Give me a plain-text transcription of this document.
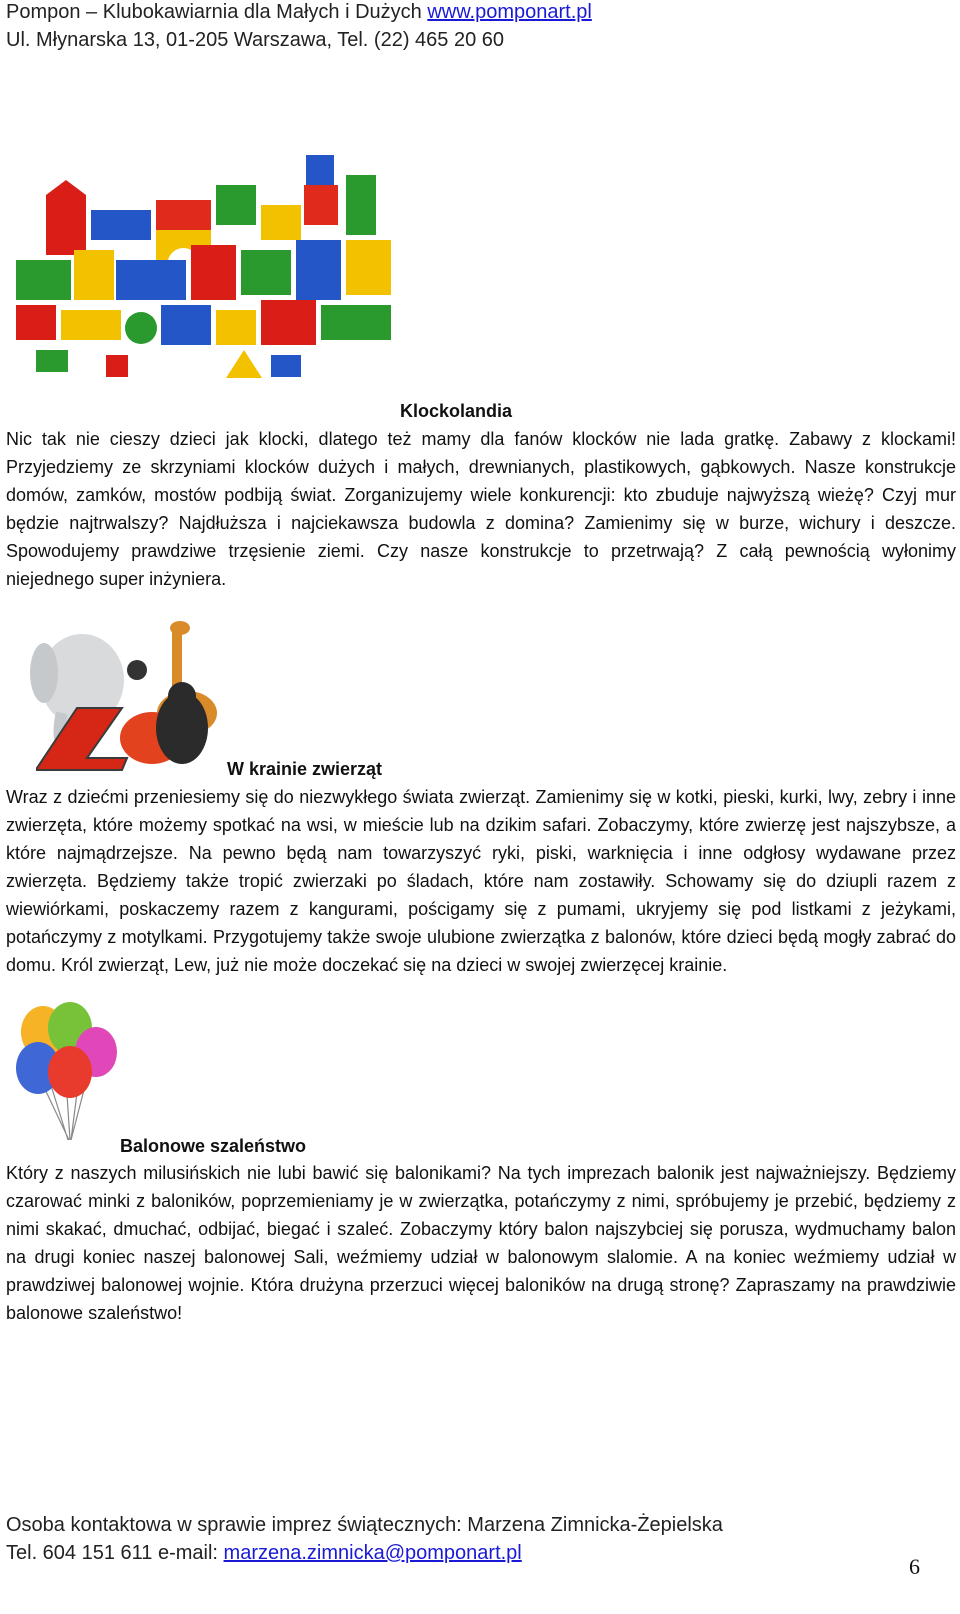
Pompon – Klubokawiarnia dla Małych i Dużych www.pomponart.pl
Ul. Młynarska 13, 01-205 Warszawa, Tel. (22) 465 20 60
Klockolandia
Nic tak nie cieszy dzieci jak klocki, dlatego też mamy dla fanów klocków nie lada gratkę. Zabawy z klockami! Przyjedziemy ze skrzyniami klocków dużych i małych, drewnianych, plastikowych, gąbkowych. Nasze konstrukcje domów, zamków, mostów podbiją świat. Zorganizujemy wiele konkurencji: kto zbuduje najwyższą wieżę? Czyj mur będzie najtrwalszy? Najdłuższa i najciekawsza budowla z domina? Zamienimy się w burze, wichury i deszcze. Spowodujemy prawdziwe trzęsienie ziemi. Czy nasze konstrukcje to przetrwają? Z całą pewnością wyłonimy niejednego super inżyniera.
W krainie zwierząt
Wraz z dziećmi przeniesiemy się do niezwykłego świata zwierząt. Zamienimy się w kotki, pieski, kurki, lwy, zebry i inne zwierzęta, które możemy spotkać na wsi, w mieście lub na dzikim safari. Zobaczymy, które zwierzę jest najszybsze, a które najmądrzejsze. Na pewno będą nam towarzyszyć ryki, piski, warknięcia i inne odgłosy wydawane przez zwierzęta. Będziemy także tropić zwierzaki po śladach, które nam zostawiły. Schowamy się do dziupli razem z wiewiórkami, poskaczemy razem z kangurami, pościgamy się z pumami, ukryjemy się pod listkami z jeżykami, potańczymy z motylkami. Przygotujemy także swoje ulubione zwierzątka z balonów, które dzieci będą mogły zabrać do domu. Król zwierząt, Lew, już nie może doczekać się na dzieci w swojej zwierzęcej krainie.
Balonowe szaleństwo
Który z naszych milusińskich nie lubi bawić się balonikami? Na tych imprezach balonik jest najważniejszy. Będziemy czarować minki z baloników, poprzemieniamy je w zwierzątka, potańczymy z nimi, spróbujemy je przebić, będziemy z nimi skakać, dmuchać, odbijać, biegać i szaleć. Zobaczymy który balon najszybciej się porusza, wydmuchamy balon na drugi koniec naszej balonowej Sali, weźmiemy udział w balonowym slalomie. A na koniec weźmiemy udział w prawdziwej balonowej wojnie. Która drużyna przerzuci więcej baloników na drugą stronę? Zapraszamy na prawdziwie balonowe szaleństwo!
Osoba kontaktowa w sprawie imprez świątecznych: Marzena Zimnicka-Żepielska
Tel. 604 151 611 e-mail: marzena.zimnicka@pomponart.pl
6
